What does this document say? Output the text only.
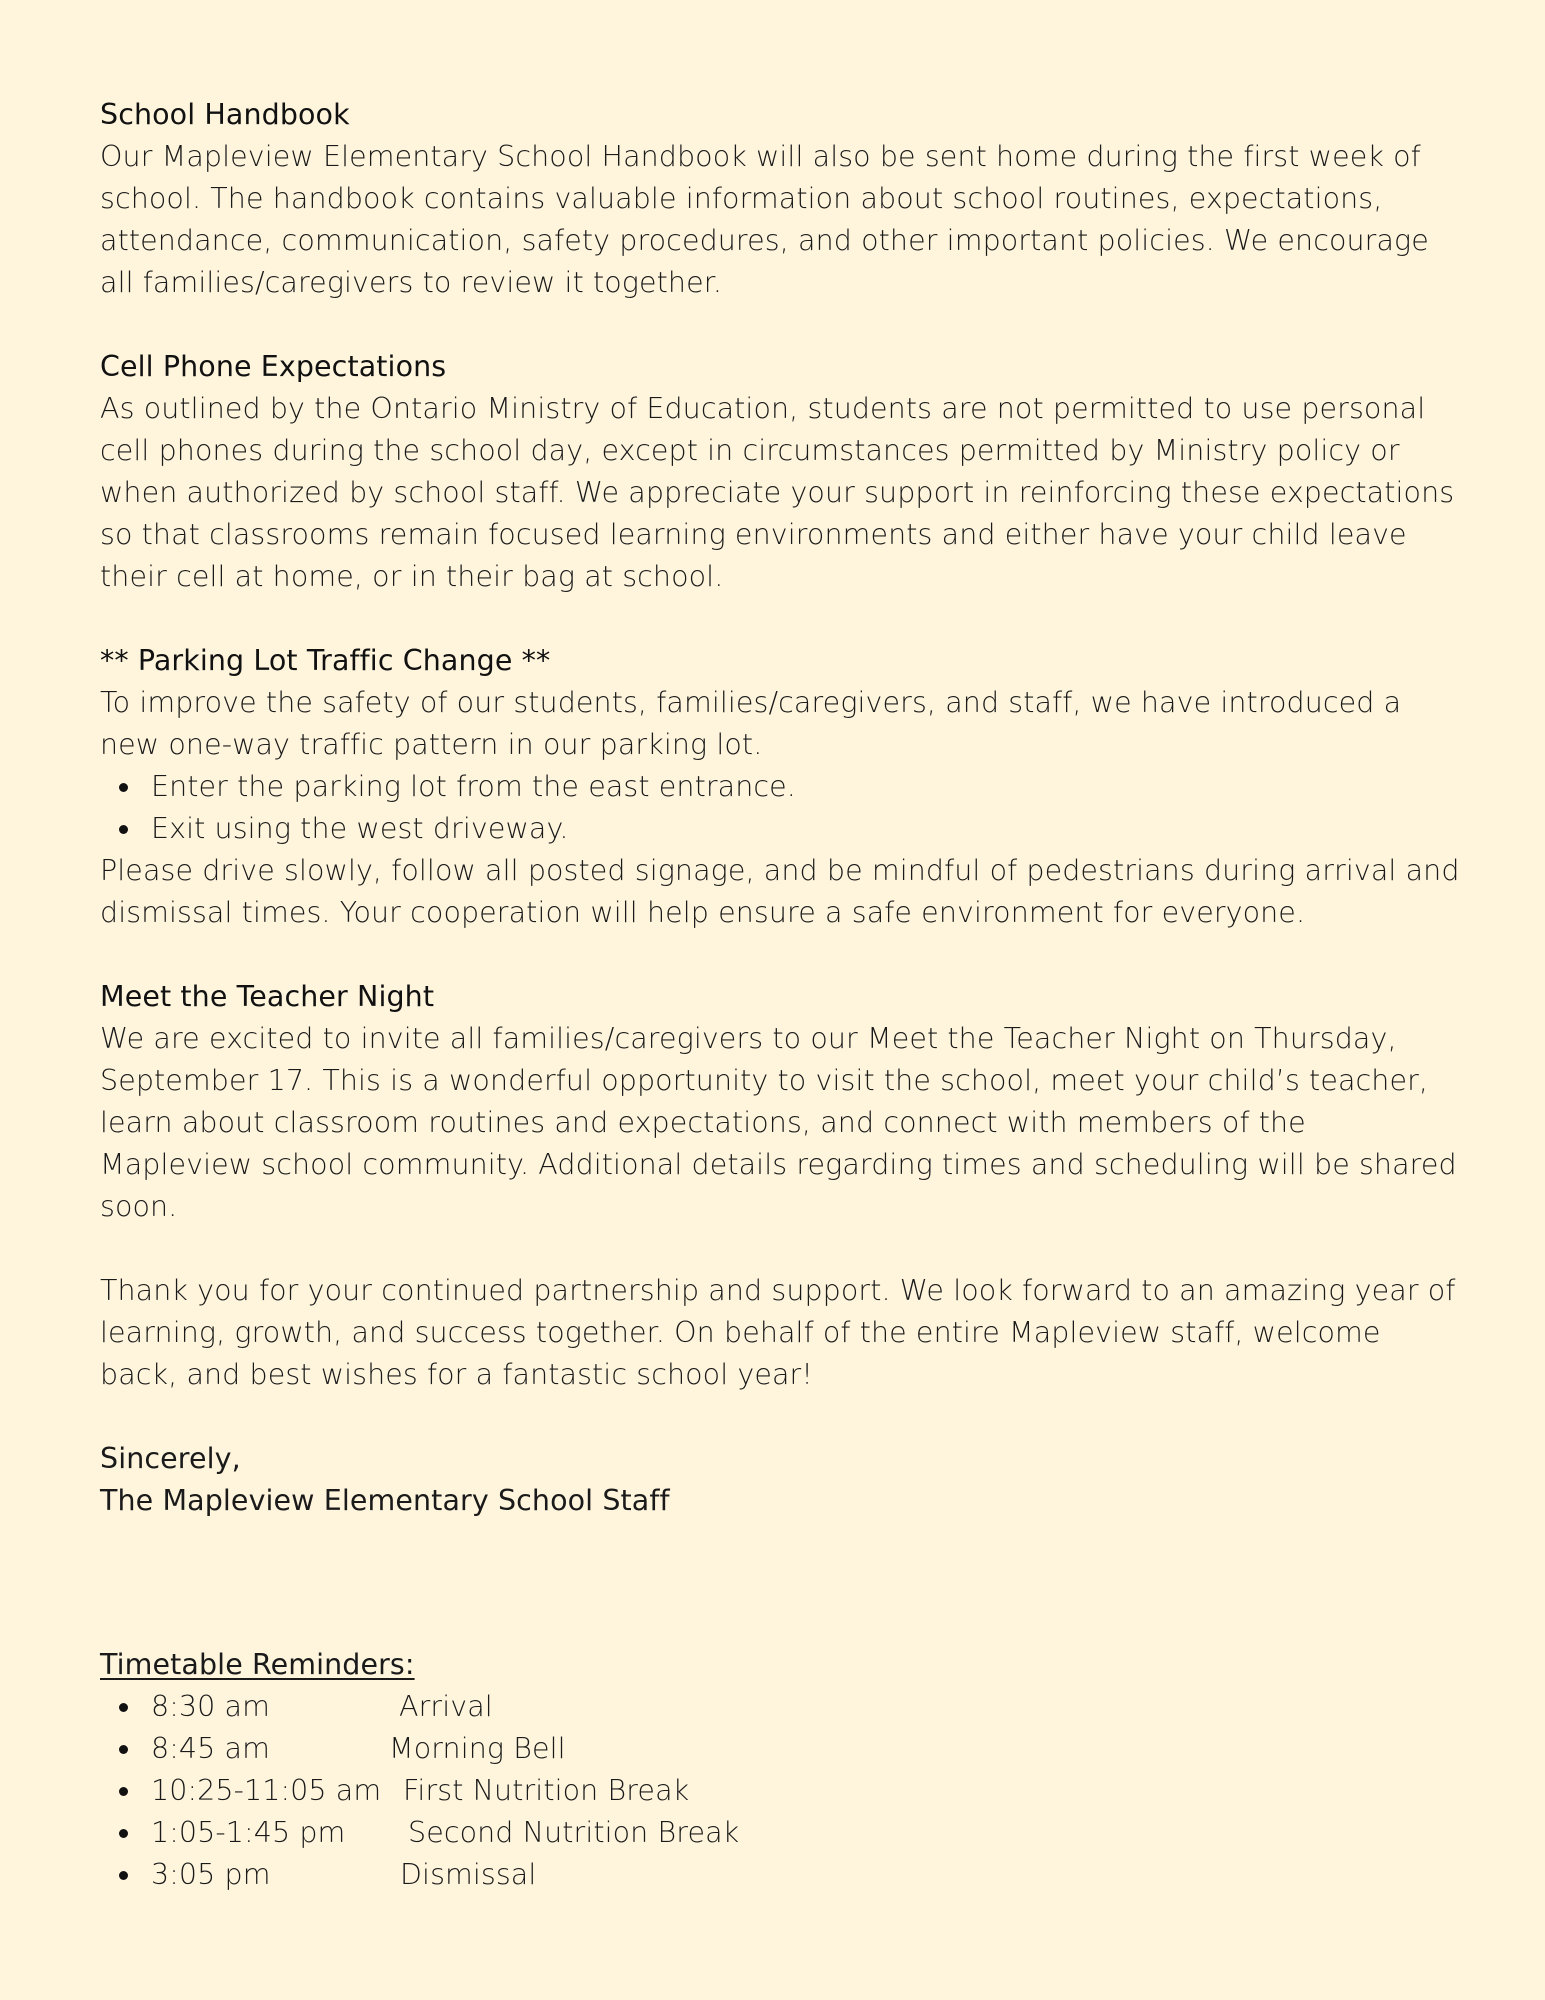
School Handbook

Our Mapleview Elementary School Handbook will also be sent home during the first week of school. The handbook contains valuable information about school routines, expectations, attendance, communication, safety procedures, and other important policies. We encourage all families/caregivers to review it together.

Cell Phone Expectations

As outlined by the Ontario Ministry of Education, students are not permitted to use personal cell phones during the school day, except in circumstances permitted by Ministry policy or when authorized by school staff. We appreciate your support in reinforcing these expectations so that classrooms remain focused learning environments and either have your child leave their cell at home, or in their bag at school.

** Parking Lot Traffic Change **

To improve the safety of our students, families/caregivers, and staff, we have introduced a new one-way traffic pattern in our parking lot.

Enter the parking lot from the east entrance.
Exit using the west driveway.

Please drive slowly, follow all posted signage, and be mindful of pedestrians during arrival and dismissal times. Your cooperation will help ensure a safe environment for everyone.

Meet the Teacher Night

We are excited to invite all families/caregivers to our Meet the Teacher Night on Thursday, September 17. This is a wonderful opportunity to visit the school, meet your child’s teacher, learn about classroom routines and expectations, and connect with members of the Mapleview school community. Additional details regarding times and scheduling will be shared soon.

Thank you for your continued partnership and support. We look forward to an amazing year of learning, growth, and success together. On behalf of the entire Mapleview staff, welcome back, and best wishes for a fantastic school year!

Sincerely,
The Mapleview Elementary School Staff
Timetable Reminders:
8:30 am	Arrival
8:45 am	Morning Bell
10:25-11:05 am First Nutrition Break
1:05-1:45 pm Second Nutrition Break
3:05 pm	Dismissal
